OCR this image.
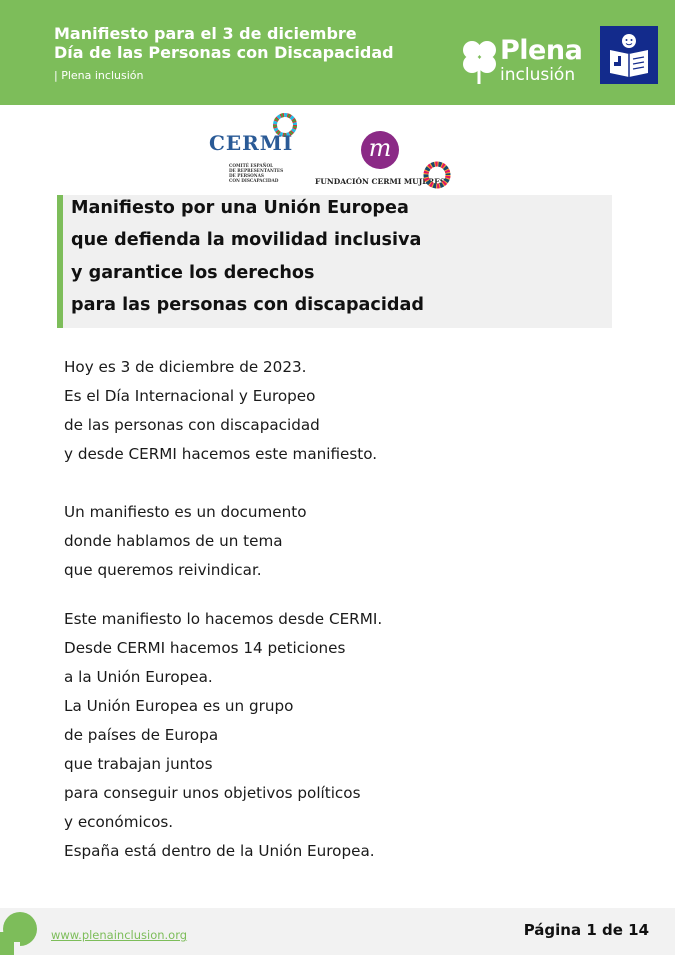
Manifiesto para el 3 de diciembre
Día de las Personas con Discapacidad
| Plena inclusión
Plena
inclusión
CERMI
COMITÉ ESPAÑOL
DE REPRESENTANTES
DE PERSONAS
CON DISCAPACIDAD
m
FUNDACIÓN CERMI MUJERES
Manifiesto por una Unión Europea
que defienda la movilidad inclusiva
y garantice los derechos
para las personas con discapacidad
Hoy es 3 de diciembre de 2023.
Es el Día Internacional y Europeo
de las personas con discapacidad
y desde CERMI hacemos este manifiesto.
Un manifiesto es un documento
donde hablamos de un tema
que queremos reivindicar.
Este manifiesto lo hacemos desde CERMI.
Desde CERMI hacemos 14 peticiones
a la Unión Europea.
La Unión Europea es un grupo
de países de Europa
que trabajan juntos
para conseguir unos objetivos políticos
y económicos.
España está dentro de la Unión Europea.
www.plenainclusion.org	Página 1 de 14
